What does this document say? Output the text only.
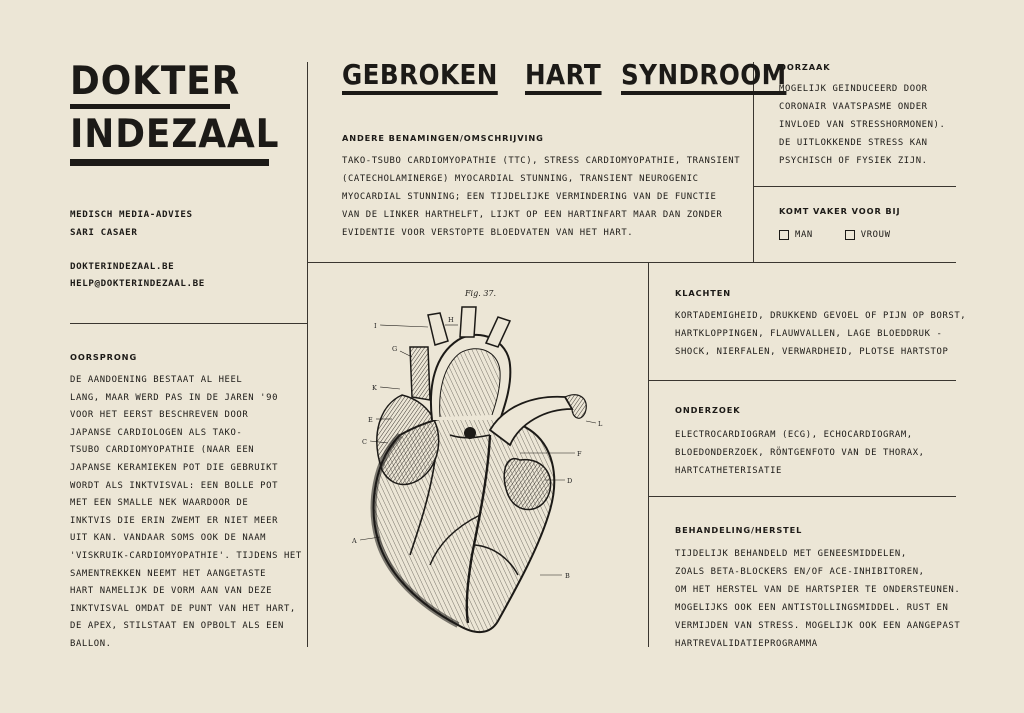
DOKTER
INDEZAAL
MEDISCH MEDIA-ADVIES
SARI CASAER
DOKTERINDEZAAL.BE
HELP@DOKTERINDEZAAL.BE
GEBROKEN HART SYNDROOM
ANDERE BENAMINGEN/OMSCHRIJVING
TAKO-TSUBO CARDIOMYOPATHIE (TTC), STRESS CARDIOMYOPATHIE, TRANSIENT
(CATECHOLAMINERGE) MYOCARDIAL STUNNING, TRANSIENT NEUROGENIC
MYOCARDIAL STUNNING; EEN TIJDELIJKE VERMINDERING VAN DE FUNCTIE
VAN DE LINKER HARTHELFT, LIJKT OP EEN HARTINFART MAAR DAN ZONDER
EVIDENTIE VOOR VERSTOPTE BLOEDVATEN VAN HET HART.
OORZAAK
MOGELIJK GEINDUCEERD DOOR
CORONAIR VAATSPASME ONDER
INVLOED VAN STRESSHORMONEN).
DE UITLOKKENDE STRESS KAN
PSYCHISCH OF FYSIEK ZIJN.
KOMT VAKER VOOR BIJ
MAN	VROUW
OORSPRONG
DE AANDOENING BESTAAT AL HEEL
LANG, MAAR WERD PAS IN DE JAREN '90
VOOR HET EERST BESCHREVEN DOOR
JAPANSE CARDIOLOGEN ALS TAKO-
TSUBO CARDIOMYOPATHIE (NAAR EEN
JAPANSE KERAMIEKEN POT DIE GEBRUIKT
WORDT ALS INKTVISVAL: EEN BOLLE POT
MET EEN SMALLE NEK WAARDOOR DE
INKTVIS DIE ERIN ZWEMT ER NIET MEER
UIT KAN. VANDAAR SOMS OOK DE NAAM
'VISKRUIK-CARDIOMYOPATHIE'. TIJDENS HET
SAMENTREKKEN NEEMT HET AANGETASTE
HART NAMELIJK DE VORM AAN VAN DEZE
INKTVISVAL OMDAT DE PUNT VAN HET HART,
DE APEX, STILSTAAT EN OPBOLT ALS EEN
BALLON.
KLACHTEN
KORTADEMIGHEID, DRUKKEND GEVOEL OF PIJN OP BORST,
HARTKLOPPINGEN, FLAUWVALLEN, LAGE BLOEDDRUK -
SHOCK, NIERFALEN, VERWARDHEID, PLOTSE HARTSTOP
ONDERZOEK
ELECTROCARDIOGRAM (ECG), ECHOCARDIOGRAM,
BLOEDONDERZOEK, RÖNTGENFOTO VAN DE THORAX,
HARTCATHETERISATIE
BEHANDELING/HERSTEL
TIJDELIJK BEHANDELD MET GENEESMIDDELEN,
ZOALS BETA-BLOCKERS EN/OF ACE-INHIBITOREN,
OM HET HERSTEL VAN DE HARTSPIER TE ONDERSTEUNEN.
MOGELIJKS OOK EEN ANTISTOLLINGSMIDDEL. RUST EN
VERMIJDEN VAN STRESS. MOGELIJK OOK EEN AANGEPAST
HARTREVALIDATIEPROGRAMMA
Fig. 37.
A
B
C
D
E
F
G
H
I
K
L
